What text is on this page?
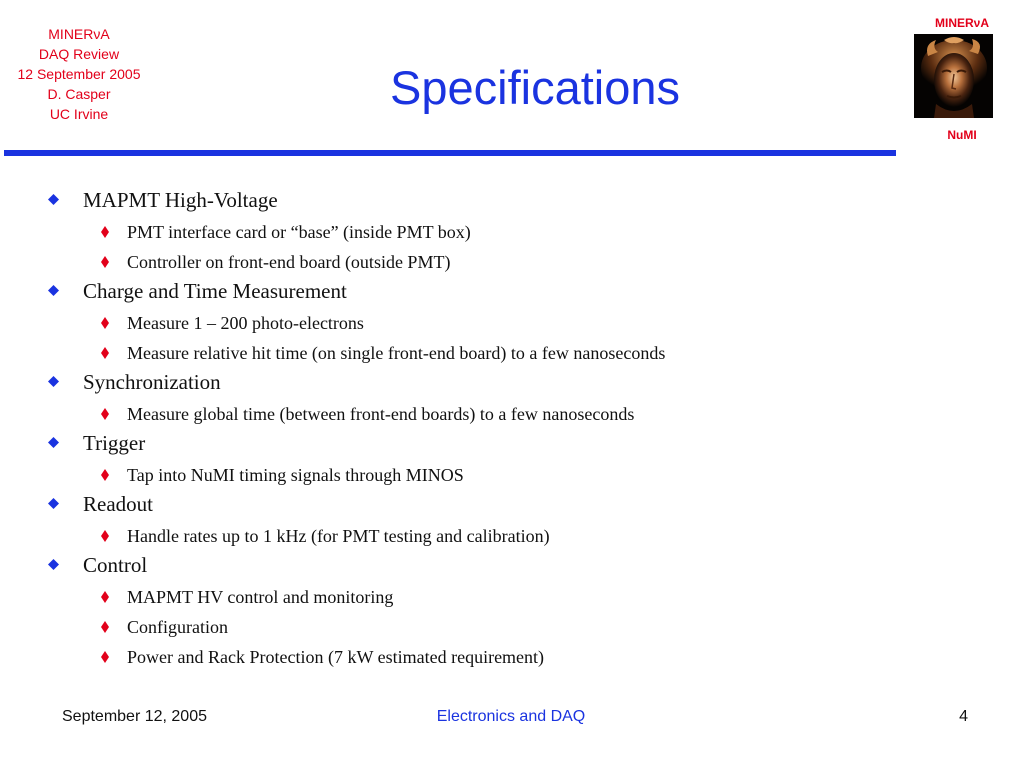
MINERνA
DAQ Review
12 September 2005
D. Casper
UC Irvine	Specifications
MINERνA
NuMI
MAPMT High-Voltage
PMT interface card or “base” (inside PMT box)
Controller on front-end board (outside PMT)
Charge and Time Measurement
Measure 1 – 200 photo-electrons
Measure relative hit time (on single front-end board) to a few nanoseconds
Synchronization
Measure global time (between front-end boards) to a few nanoseconds
Trigger
Tap into NuMI timing signals through MINOS
Readout
Handle rates up to 1 kHz (for PMT testing and calibration)
Control
MAPMT HV control and monitoring
Configuration
Power and Rack Protection (7 kW estimated requirement)
September 12, 2005	Electronics and DAQ	4
